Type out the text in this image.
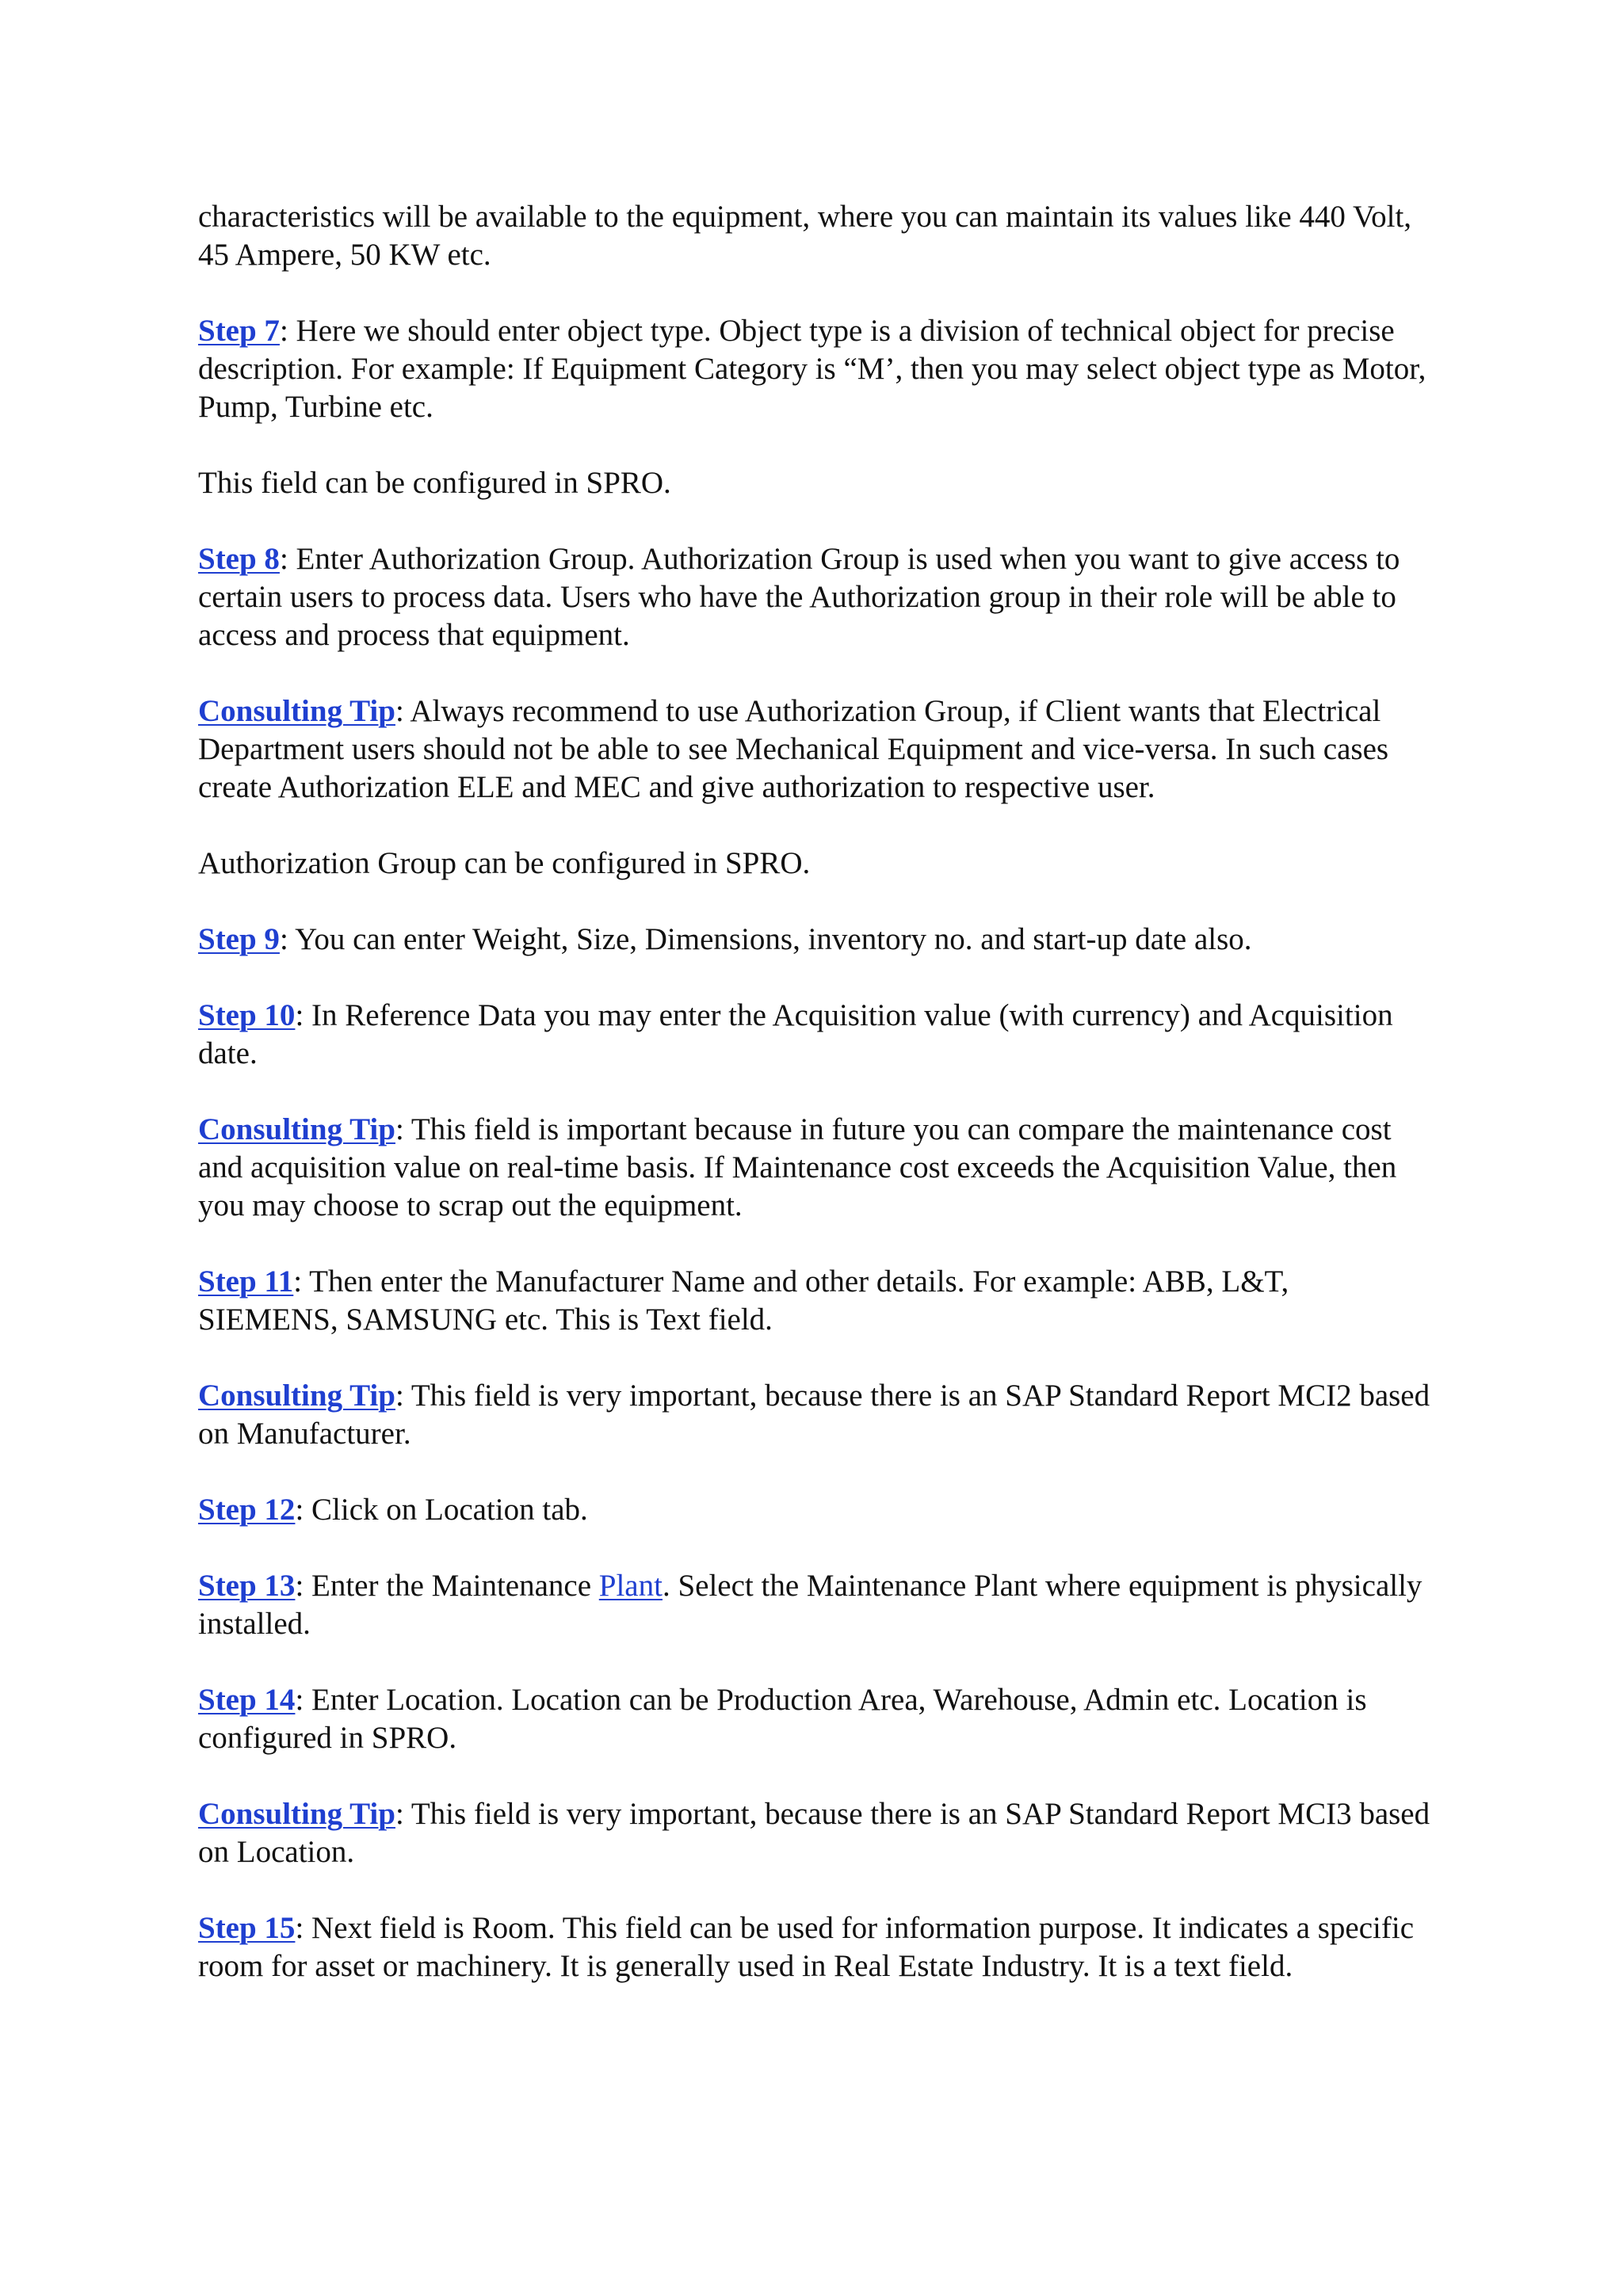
characteristics will be available to the equipment, where you can maintain its values like 440 Volt, 45 Ampere, 50 KW etc.

Step 7: Here we should enter object type. Object type is a division of technical object for precise description. For example: If Equipment Category is “M’, then you may select object type as Motor, Pump, Turbine etc.

This field can be configured in SPRO.

Step 8: Enter Authorization Group. Authorization Group is used when you want to give access to certain users to process data. Users who have the Authorization group in their role will be able to access and process that equipment.

Consulting Tip: Always recommend to use Authorization Group, if Client wants that Electrical Department users should not be able to see Mechanical Equipment and vice-versa. In such cases create Authorization ELE and MEC and give authorization to respective user.

Authorization Group can be configured in SPRO.

Step 9: You can enter Weight, Size, Dimensions, inventory no. and start-up date also.

Step 10: In Reference Data you may enter the Acquisition value (with currency) and Acquisition date.

Consulting Tip: This field is important because in future you can compare the maintenance cost and acquisition value on real-time basis. If Maintenance cost exceeds the Acquisition Value, then you may choose to scrap out the equipment.

Step 11: Then enter the Manufacturer Name and other details. For example: ABB, L&T, SIEMENS, SAMSUNG etc. This is Text field.

Consulting Tip: This field is very important, because there is an SAP Standard Report MCI2 based on Manufacturer.

Step 12: Click on Location tab.

Step 13: Enter the Maintenance Plant. Select the Maintenance Plant where equipment is physically installed.

Step 14: Enter Location. Location can be Production Area, Warehouse, Admin etc. Location is configured in SPRO.

Consulting Tip: This field is very important, because there is an SAP Standard Report MCI3 based on Location.

Step 15: Next field is Room. This field can be used for information purpose. It indicates a specific room for asset or machinery. It is generally used in Real Estate Industry. It is a text field.
